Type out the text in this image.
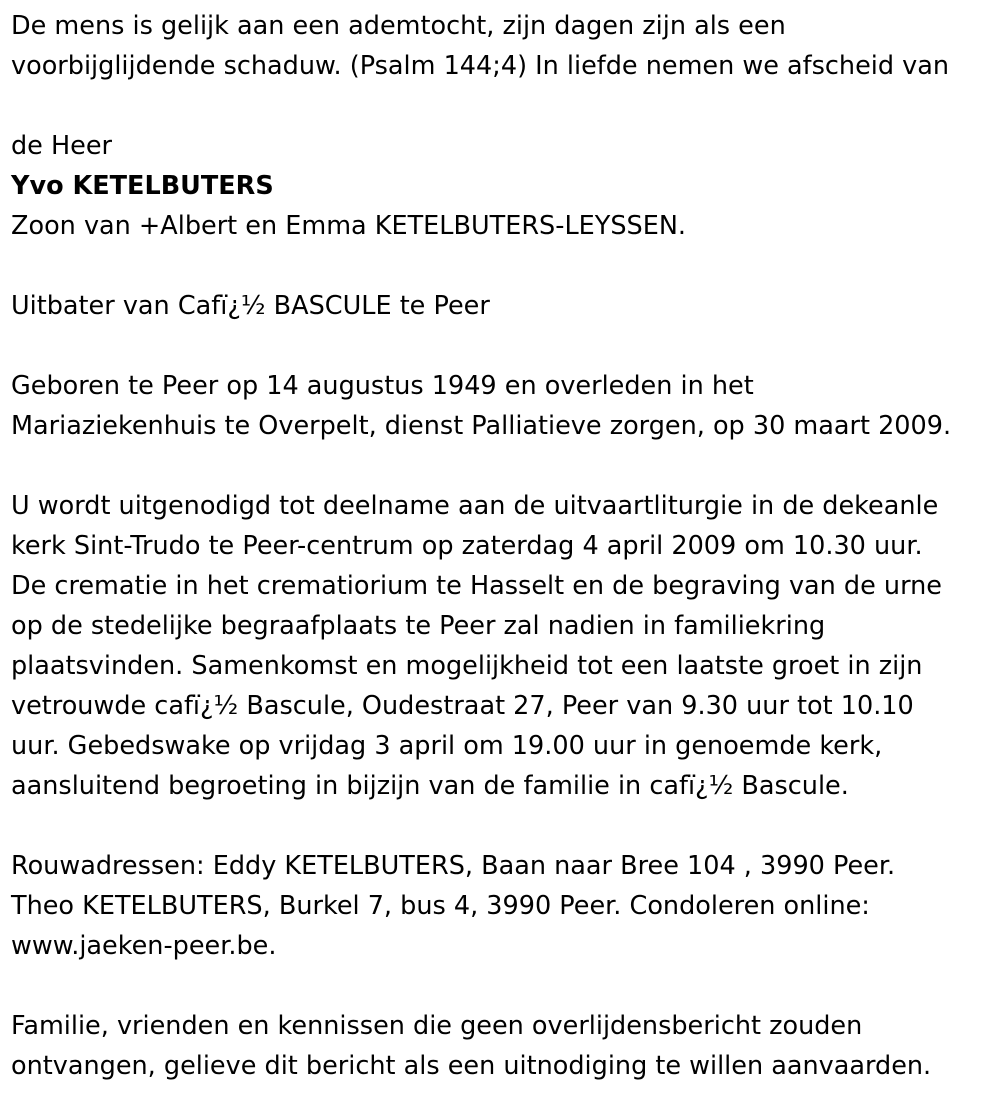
De mens is gelijk aan een ademtocht, zijn dagen zijn als een
voorbijglijdende schaduw. (Psalm 144;4) In liefde nemen we afscheid van
de Heer
Yvo KETELBUTERS
Zoon van +Albert en Emma KETELBUTERS-LEYSSEN.
Uitbater van Cafï¿½ BASCULE te Peer
Geboren te Peer op 14 augustus 1949 en overleden in het
Mariaziekenhuis te Overpelt, dienst Palliatieve zorgen, op 30 maart 2009.
U wordt uitgenodigd tot deelname aan de uitvaartliturgie in de dekeanle
kerk Sint-Trudo te Peer-centrum op zaterdag 4 april 2009 om 10.30 uur.
De crematie in het crematiorium te Hasselt en de begraving van de urne
op de stedelijke begraafplaats te Peer zal nadien in familiekring
plaatsvinden. Samenkomst en mogelijkheid tot een laatste groet in zijn
vetrouwde cafï¿½ Bascule, Oudestraat 27, Peer van 9.30 uur tot 10.10
uur. Gebedswake op vrijdag 3 april om 19.00 uur in genoemde kerk,
aansluitend begroeting in bijzijn van de familie in cafï¿½ Bascule.
Rouwadressen: Eddy KETELBUTERS, Baan naar Bree 104 , 3990 Peer.
Theo KETELBUTERS, Burkel 7, bus 4, 3990 Peer. Condoleren online:
www.jaeken-peer.be.
Familie, vrienden en kennissen die geen overlijdensbericht zouden
ontvangen, gelieve dit bericht als een uitnodiging te willen aanvaarden.
